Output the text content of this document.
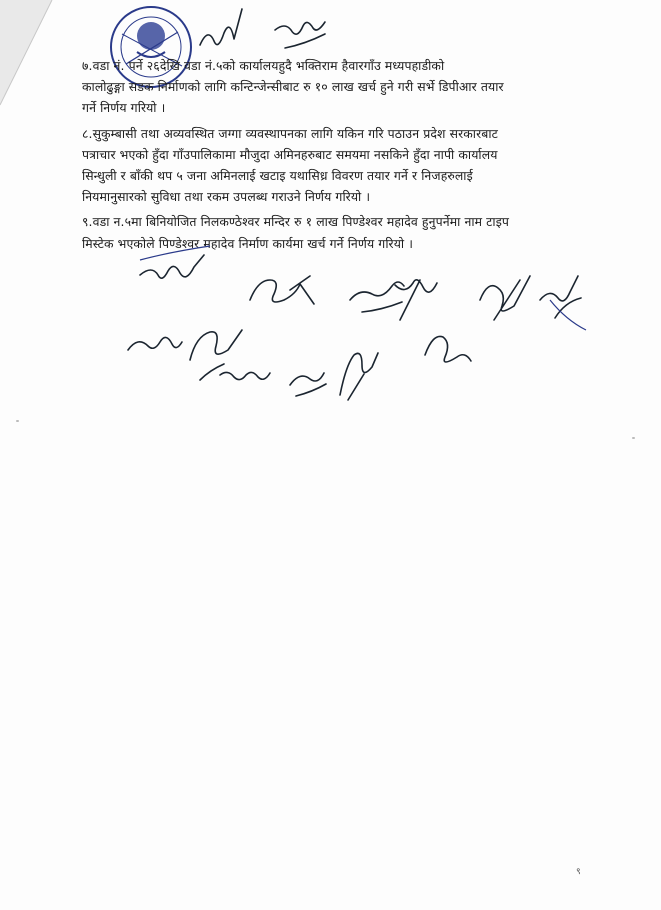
७.वडा नं. पर्ने २६देखि वडा नं.५को कार्यालयहुदै भक्तिराम हैवारगाँउ मध्यपहाडीको
कालोढुङ्गा सडक निर्माणको लागि कन्टिन्जेन्सीबाट रु १० लाख खर्च हुने गरी सर्भे डिपीआर तयार
गर्ने निर्णय गरियो ।
८.सुकुम्बासी तथा अव्यवस्थित जग्गा व्यवस्थापनका लागि यकिन गरि पठाउन प्रदेश सरकारबाट
पत्राचार भएको हुँदा गाँउपालिकामा मौजुदा अमिनहरुबाट समयमा नसकिने हुँदा नापी कार्यालय
सिन्धुली र बाँकी थप ५ जना अमिनलाई खटाइ यथासिध्र विवरण तयार गर्ने र निजहरुलाई
नियमानुसारको सुविधा तथा रकम उपलब्ध गराउने निर्णय गरियो ।
९.वडा न.५मा बिनियोजित निलकण्ठेश्वर मन्दिर रु १ लाख पिण्डेश्वर महादेव हुनुपर्नेमा नाम टाइप
मिस्टेक भएकोले पिण्डेश्वर महादेव निर्माण कार्यमा खर्च गर्ने निर्णय गरियो ।
९
